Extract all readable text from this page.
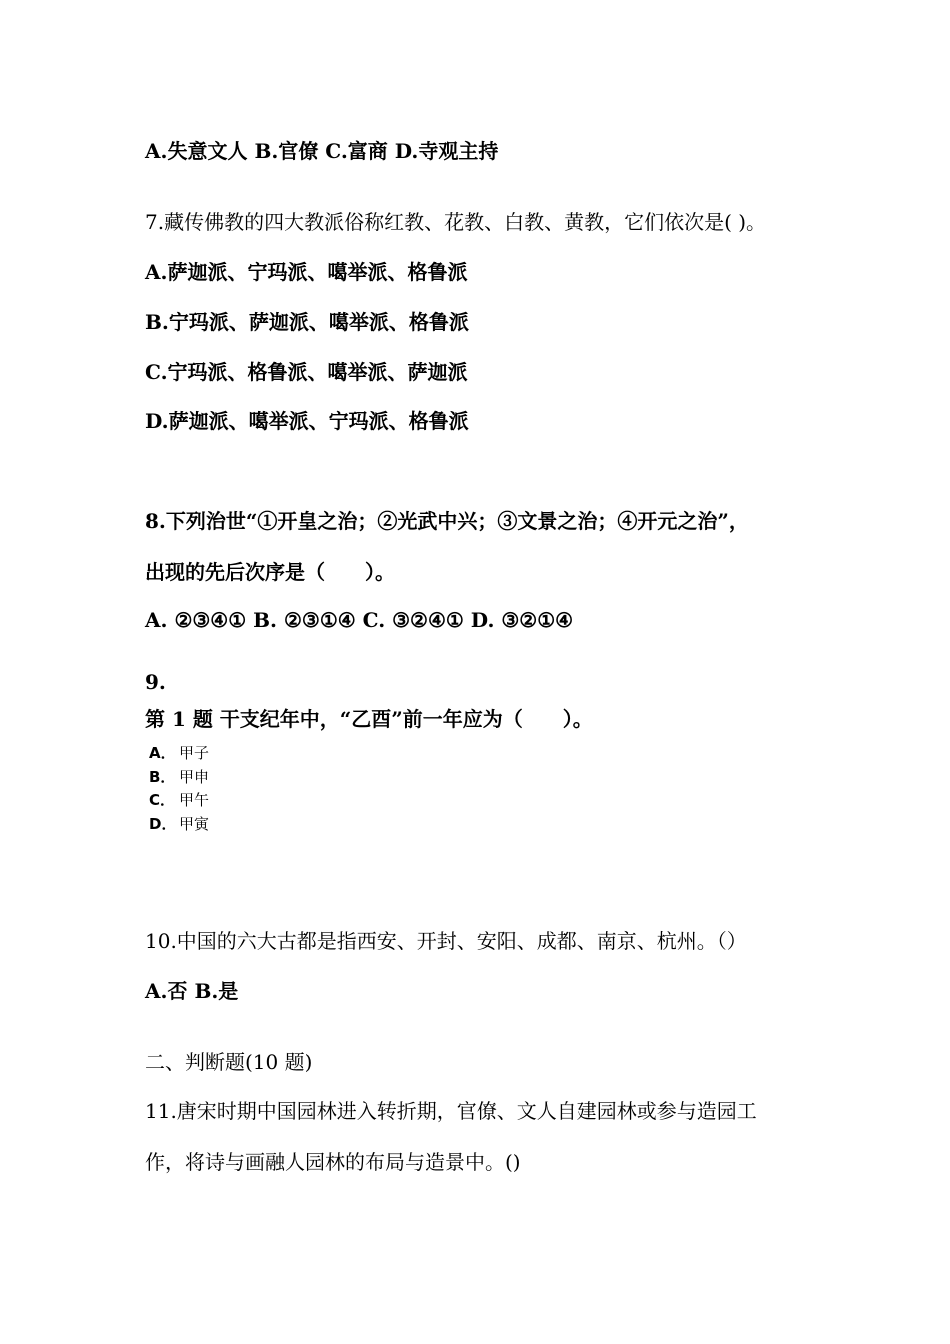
A.失意文人 B.官僚 C.富商 D.寺观主持
7.藏传佛教的四大教派俗称红教、花教、白教、黄教，它们依次是( )。
A.萨迦派、宁玛派、噶举派、格鲁派
B.宁玛派、萨迦派、噶举派、格鲁派
C.宁玛派、格鲁派、噶举派、萨迦派
D.萨迦派、噶举派、宁玛派、格鲁派
8.下列治世“①开皇之治；②光武中兴；③文景之治；④开元之治”，
出现的先后次序是（　　）。
A. ②③④① B. ②③①④ C. ③②④① D. ③②①④
9.
第 1 题 干支纪年中，“乙酉”前一年应为（　　）。
A． 甲子
B． 甲申
C． 甲午
D． 甲寅
10.中国的六大古都是指西安、开封、安阳、成都、南京、杭州。（）
A.否 B.是
二、判断题(10 题)
11.唐宋时期中国园林进入转折期，官僚、文人自建园林或参与造园工
作，将诗与画融人园林的布局与造景中。()
